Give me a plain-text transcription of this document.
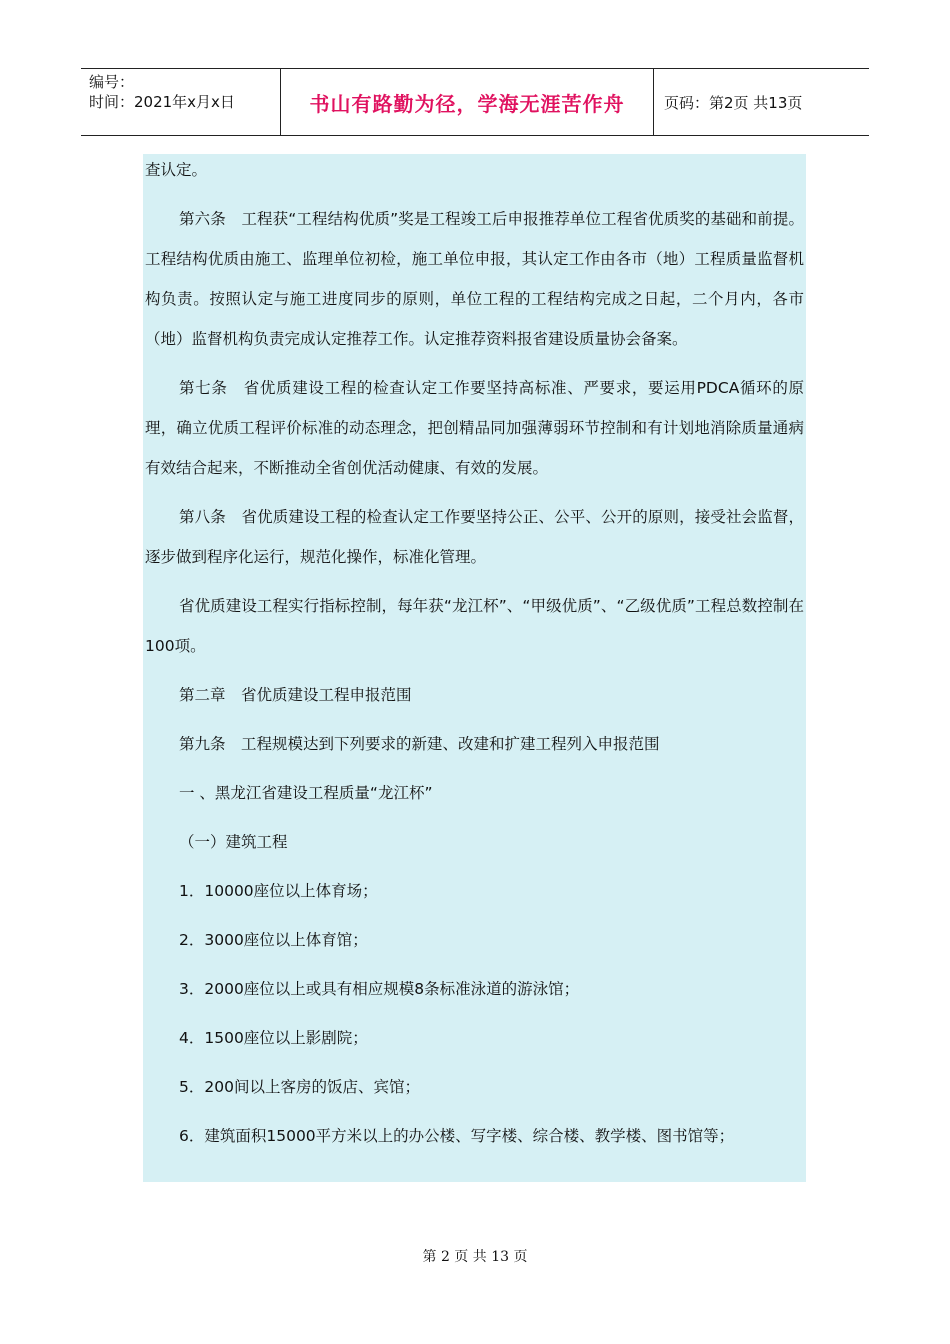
编号：
时间：2021年x月x日	书山有路勤为径，学海无涯苦作舟	页码：第2页 共13页

查认定。

第六条　工程获“工程结构优质”奖是工程竣工后申报推荐单位工程省优质奖的基础和前提。工程结构优质由施工、监理单位初检，施工单位申报，其认定工作由各市（地）工程质量监督机构负责。按照认定与施工进度同步的原则，单位工程的工程结构完成之日起，二个月内，各市（地）监督机构负责完成认定推荐工作。认定推荐资料报省建设质量协会备案。

第七条　省优质建设工程的检查认定工作要坚持高标准、严要求，要运用PDCA循环的原理，确立优质工程评价标准的动态理念，把创精品同加强薄弱环节控制和有计划地消除质量通病有效结合起来，不断推动全省创优活动健康、有效的发展。

第八条　省优质建设工程的检查认定工作要坚持公正、公平、公开的原则，接受社会监督，逐步做到程序化运行，规范化操作，标准化管理。

省优质建设工程实行指标控制，每年获“龙江杯”、“甲级优质”、“乙级优质”工程总数控制在100项。

第二章　省优质建设工程申报范围

第九条　工程规模达到下列要求的新建、改建和扩建工程列入申报范围

一 、黑龙江省建设工程质量“龙江杯”

（一）建筑工程

1．10000座位以上体育场；

2．3000座位以上体育馆；

3．2000座位以上或具有相应规模8条标准泳道的游泳馆；

4．1500座位以上影剧院；

5．200间以上客房的饭店、宾馆；

6．建筑面积15000平方米以上的办公楼、写字楼、综合楼、教学楼、图书馆等；

第 2 页 共 13 页
